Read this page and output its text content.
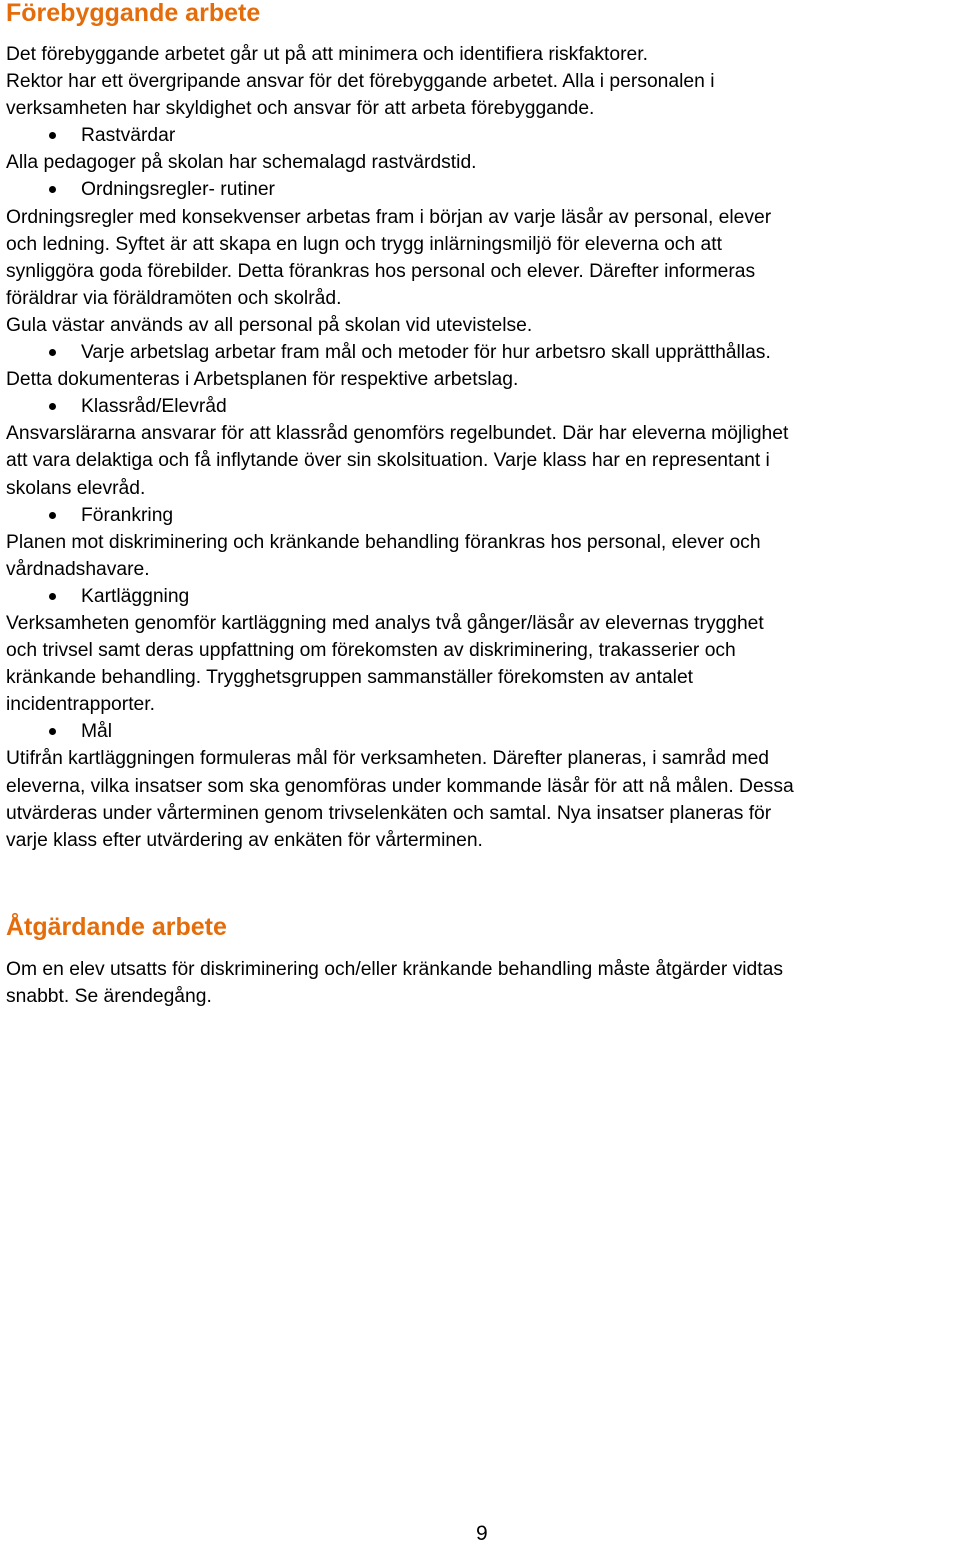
Förebyggande arbete
Det förebyggande arbetet går ut på att minimera och identifiera riskfaktorer.
Rektor har ett övergripande ansvar för det förebyggande arbetet. Alla i personalen i
verksamheten har skyldighet och ansvar för att arbeta förebyggande.
Rastvärdar
Alla pedagoger på skolan har schemalagd rastvärdstid.
Ordningsregler- rutiner
Ordningsregler med konsekvenser arbetas fram i början av varje läsår av personal, elever
och ledning. Syftet är att skapa en lugn och trygg inlärningsmiljö för eleverna och att
synliggöra goda förebilder. Detta förankras hos personal och elever. Därefter informeras
föräldrar via föräldramöten och skolråd.
Gula västar används av all personal på skolan vid utevistelse.
Varje arbetslag arbetar fram mål och metoder för hur arbetsro skall upprätthållas.
Detta dokumenteras i Arbetsplanen för respektive arbetslag.
Klassråd/Elevråd
Ansvarslärarna ansvarar för att klassråd genomförs regelbundet. Där har eleverna möjlighet
att vara delaktiga och få inflytande över sin skolsituation. Varje klass har en representant i
skolans elevråd.
Förankring
Planen mot diskriminering och kränkande behandling förankras hos personal, elever och
vårdnadshavare.
Kartläggning
Verksamheten genomför kartläggning med analys två gånger/läsår av elevernas trygghet
och trivsel samt deras uppfattning om förekomsten av diskriminering, trakasserier och
kränkande behandling. Trygghetsgruppen sammanställer förekomsten av antalet
incidentrapporter.
Mål
Utifrån kartläggningen formuleras mål för verksamheten. Därefter planeras, i samråd med
eleverna, vilka insatser som ska genomföras under kommande läsår för att nå målen. Dessa
utvärderas under vårterminen genom trivselenkäten och samtal. Nya insatser planeras för
varje klass efter utvärdering av enkäten för vårterminen.
Åtgärdande arbete
Om en elev utsatts för diskriminering och/eller kränkande behandling måste åtgärder vidtas
snabbt. Se ärendegång.
9
